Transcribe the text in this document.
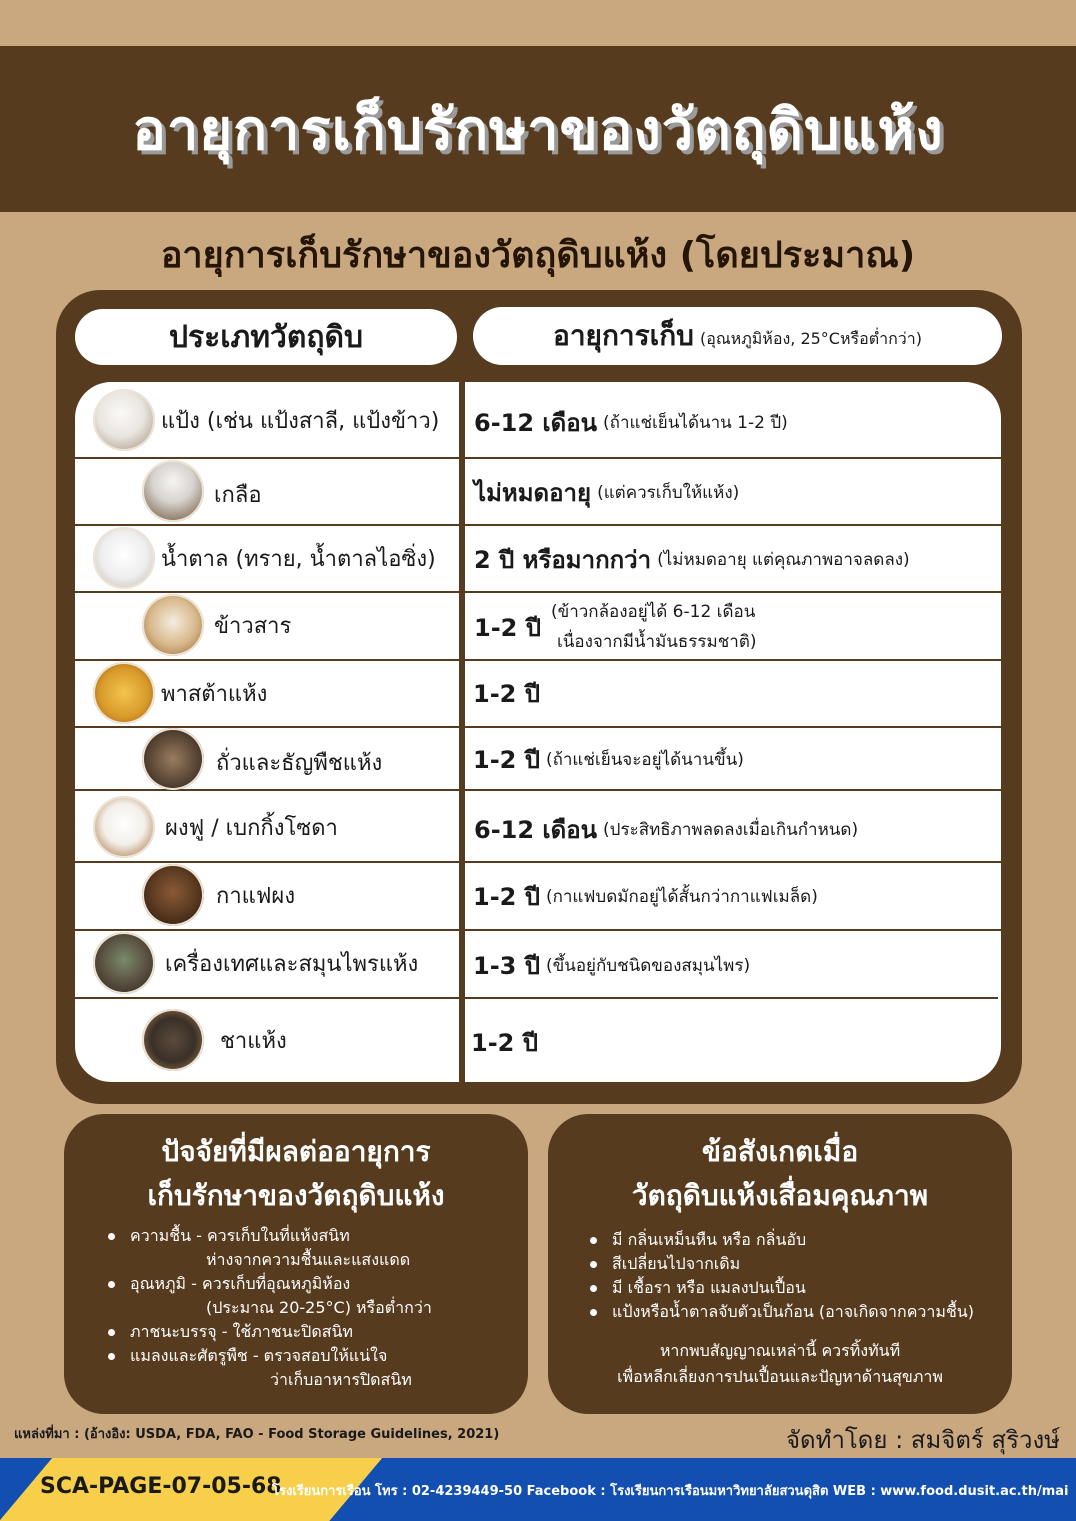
อายุการเก็บรักษาของวัตถุดิบแห้ง
อายุการเก็บรักษาของวัตถุดิบแห้ง (โดยประมาณ)
ประเภทวัตถุดิบ	อายุการเก็บ (อุณหภูมิห้อง, 25°Cหรือต่ำกว่า)
แป้ง (เช่น แป้งสาลี, แป้งข้าว)
เกลือ
น้ำตาล (ทราย, น้ำตาลไอซิ่ง)
ข้าวสาร
พาสต้าแห้ง
ถั่วและธัญพืชแห้ง
ผงฟู / เบกกิ้งโซดา
กาแฟผง
เครื่องเทศและสมุนไพรแห้ง
ชาแห้ง
6-12 เดือน (ถ้าแช่เย็นได้นาน 1-2 ปี)
ไม่หมดอายุ (แต่ควรเก็บให้แห้ง)
2 ปี หรือมากกว่า (ไม่หมดอายุ แต่คุณภาพอาจลดลง)
1-2 ปี
(ข้าวกล้องอยู่ได้ 6-12 เดือน
เนื่องจากมีน้ำมันธรรมชาติ)
1-2 ปี
1-2 ปี (ถ้าแช่เย็นจะอยู่ได้นานขึ้น)
6-12 เดือน (ประสิทธิภาพลดลงเมื่อเกินกำหนด)
1-2 ปี (กาแฟบดมักอยู่ได้สั้นกว่ากาแฟเมล็ด)
1-3 ปี (ขึ้นอยู่กับชนิดของสมุนไพร)
1-2 ปี
ปัจจัยที่มีผลต่ออายุการ
เก็บรักษาของวัตถุดิบแห้ง
ความชื้น - ควรเก็บในที่แห้งสนิท
ห่างจากความชื้นและแสงแดด
อุณหภูมิ - ควรเก็บที่อุณหภูมิห้อง
(ประมาณ 20-25°C) หรือต่ำกว่า
ภาชนะบรรจุ - ใช้ภาชนะปิดสนิท
แมลงและศัตรูพืช - ตรวจสอบให้แน่ใจ
ว่าเก็บอาหารปิดสนิท
ข้อสังเกตเมื่อ
วัตถุดิบแห้งเสื่อมคุณภาพ
มี กลิ่นเหม็นหืน หรือ กลิ่นอับ
สีเปลี่ยนไปจากเดิม
มี เชื้อรา หรือ แมลงปนเปื้อน
แป้งหรือน้ำตาลจับตัวเป็นก้อน (อาจเกิดจากความชื้น)
หากพบสัญญาณเหล่านี้ ควรทิ้งทันที
เพื่อหลีกเลี่ยงการปนเปื้อนและปัญหาด้านสุขภาพ
แหล่งที่มา : (อ้างอิง: USDA, FDA, FAO - Food Storage Guidelines, 2021)	จัดทำโดย : สมจิตร์ สุริวงษ์
SCA-PAGE-07-05-68
โรงเรียนการเรือน โทร : 02-4239449-50 Facebook : โรงเรียนการเรือนมหาวิทยาลัยสวนดุสิต WEB : www.food.dusit.ac.th/mai
